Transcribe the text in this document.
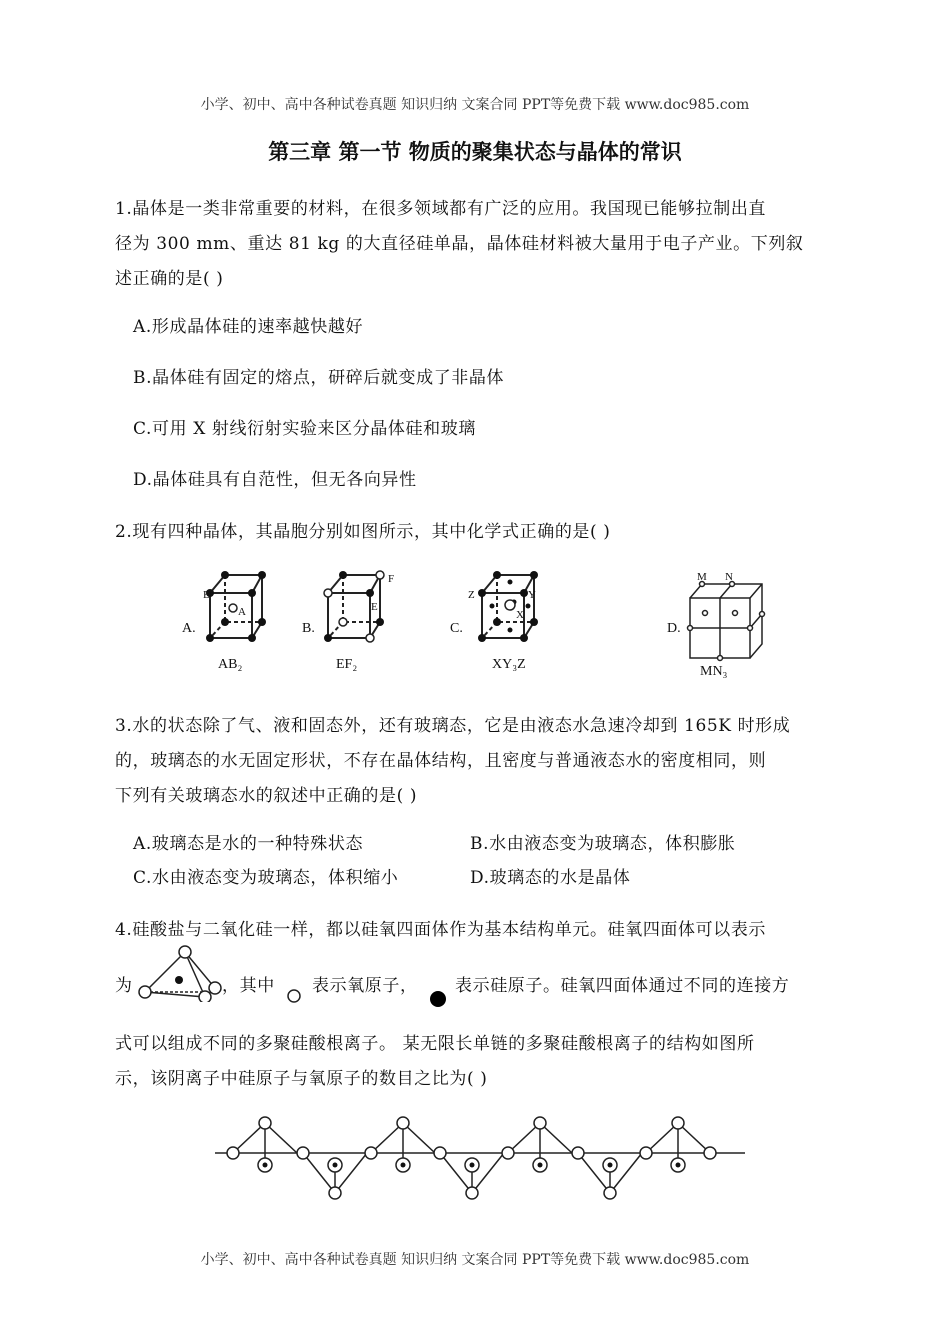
小学、初中、高中各种试卷真题 知识归纳 文案合同 PPT等免费下载 www.doc985.com
第三章 第一节 物质的聚集状态与晶体的常识
1.晶体是一类非常重要的材料，在很多领域都有广泛的应用。我国现已能够拉制出直
径为 300 mm、重达 81 kg 的大直径硅单晶，晶体硅材料被大量用于电子产业。下列叙
述正确的是( )
A.形成晶体硅的速率越快越好
B.晶体硅有固定的熔点，研碎后就变成了非晶体
C.可用 X 射线衍射实验来区分晶体硅和玻璃
D.晶体硅具有自范性，但无各向异性
2.现有四种晶体，其晶胞分别如图所示，其中化学式正确的是( )
A.
B
A
AB₂
B.
F
E
EF₂
C.
Z	Y
X
XY₃Z
D.
M N
MN₃
3.水的状态除了气、液和固态外，还有玻璃态，它是由液态水急速冷却到 165K 时形成
的，玻璃态的水无固定形状，不存在晶体结构，且密度与普通液态水的密度相同，则
下列有关玻璃态水的叙述中正确的是( )
A.玻璃态是水的一种特殊状态	B.水由液态变为玻璃态，体积膨胀
C.水由液态变为玻璃态，体积缩小	D.玻璃态的水是晶体
4.硅酸盐与二氧化硅一样，都以硅氧四面体作为基本结构单元。硅氧四面体可以表示
为	，其中 表示氧原子， 表示硅原子。硅氧四面体通过不同的连接方
式可以组成不同的多聚硅酸根离子。 某无限长单链的多聚硅酸根离子的结构如图所
示，该阴离子中硅原子与氧原子的数目之比为( )
小学、初中、高中各种试卷真题 知识归纳 文案合同 PPT等免费下载 www.doc985.com
